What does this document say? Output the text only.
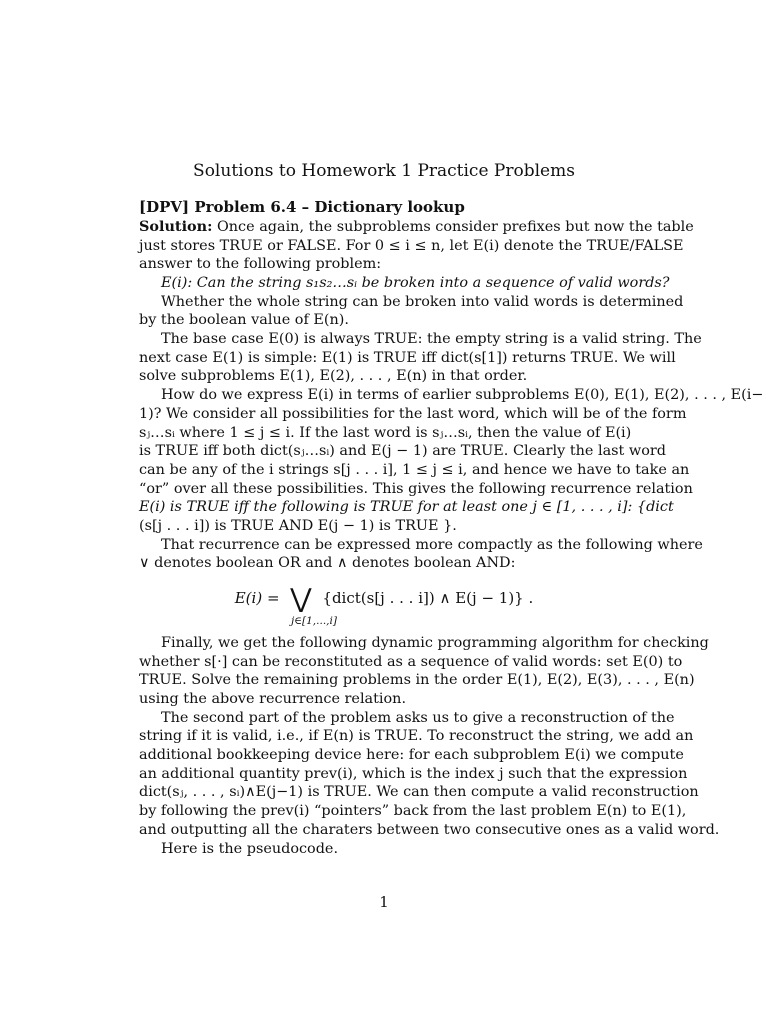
Solutions to Homework 1 Practice Problems
[DPV] Problem 6.4 – Dictionary lookup
Solution: Once again, the subproblems consider prefixes but now the table
just stores TRUE or FALSE. For 0 ≤ i ≤ n, let E(i) denote the TRUE/FALSE
answer to the following problem:
E(i): Can the string s₁s₂…sᵢ be broken into a sequence of valid words?
Whether the whole string can be broken into valid words is determined
by the boolean value of E(n).
The base case E(0) is always TRUE: the empty string is a valid string. The
next case E(1) is simple: E(1) is TRUE iff dict(s[1]) returns TRUE. We will
solve subproblems E(1), E(2), . . . , E(n) in that order.
How do we express E(i) in terms of earlier subproblems E(0), E(1), E(2), . . . , E(i−
1)? We consider all possibilities for the last word, which will be of the form
sⱼ…sᵢ where 1 ≤ j ≤ i. If the last word is sⱼ…sᵢ, then the value of E(i)
is TRUE iff both dict(sⱼ…sᵢ) and E(j − 1) are TRUE. Clearly the last word
can be any of the i strings s[j . . . i], 1 ≤ j ≤ i, and hence we have to take an
“or” over all these possibilities. This gives the following recurrence relation
E(i) is TRUE iff the following is TRUE for at least one j ∈ [1, . . . , i]: {dict
(s[j . . . i]) is TRUE AND E(j − 1) is TRUE }.
That recurrence can be expressed more compactly as the following where
∨ denotes boolean OR and ∧ denotes boolean AND:
E(i) = ⋁ {dict(s[j . . . i]) ∧ E(j − 1)} .
j∈[1,...,i]
Finally, we get the following dynamic programming algorithm for checking
whether s[·] can be reconstituted as a sequence of valid words: set E(0) to
TRUE. Solve the remaining problems in the order E(1), E(2), E(3), . . . , E(n)
using the above recurrence relation.
The second part of the problem asks us to give a reconstruction of the
string if it is valid, i.e., if E(n) is TRUE. To reconstruct the string, we add an
additional bookkeeping device here: for each subproblem E(i) we compute
an additional quantity prev(i), which is the index j such that the expression
dict(sⱼ, . . . , sᵢ)∧E(j−1) is TRUE. We can then compute a valid reconstruction
by following the prev(i) “pointers” back from the last problem E(n) to E(1),
and outputting all the charaters between two consecutive ones as a valid word.
Here is the pseudocode.
1
